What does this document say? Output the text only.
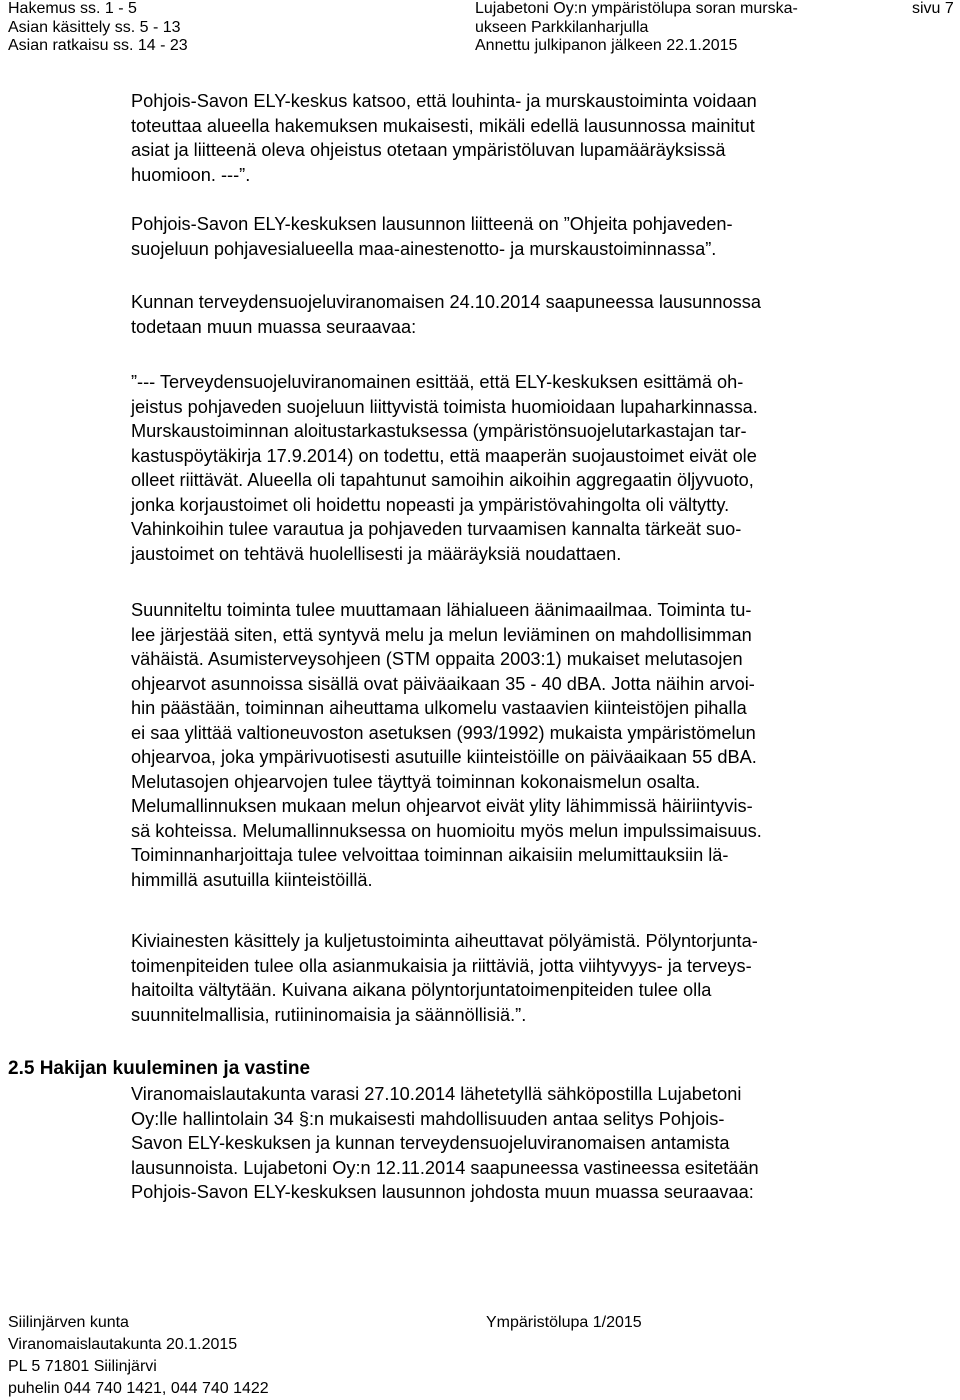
Hakemus ss. 1 - 5
Asian käsittely ss. 5 - 13
Asian ratkaisu ss. 14 - 23
Lujabetoni Oy:n ympäristölupa soran murska-
ukseen Parkkilanharjulla
Annettu julkipanon jälkeen 22.1.2015
sivu 7

Pohjois-Savon ELY-keskus katsoo, että louhinta- ja murskaustoiminta voidaan

toteuttaa alueella hakemuksen mukaisesti, mikäli edellä lausunnossa mainitut

asiat ja liitteenä oleva ohjeistus otetaan ympäristöluvan lupamääräyksissä

huomioon. ---”.

Pohjois-Savon ELY-keskuksen lausunnon liitteenä on ”Ohjeita pohjaveden-

suojeluun pohjavesialueella maa-ainestenotto- ja murskaustoiminnassa”.

Kunnan terveydensuojeluviranomaisen 24.10.2014 saapuneessa lausunnossa

todetaan muun muassa seuraavaa:

”--- Terveydensuojeluviranomainen esittää, että ELY-keskuksen esittämä oh-

jeistus pohjaveden suojeluun liittyvistä toimista huomioidaan lupaharkinnassa.

Murskaustoiminnan aloitustarkastuksessa (ympäristönsuojelutarkastajan tar-

kastuspöytäkirja 17.9.2014) on todettu, että maaperän suojaustoimet eivät ole

olleet riittävät. Alueella oli tapahtunut samoihin aikoihin aggregaatin öljyvuoto,

jonka korjaustoimet oli hoidettu nopeasti ja ympäristövahingolta oli vältytty.

Vahinkoihin tulee varautua ja pohjaveden turvaamisen kannalta tärkeät suo-

jaustoimet on tehtävä huolellisesti ja määräyksiä noudattaen.

Suunniteltu toiminta tulee muuttamaan lähialueen äänimaailmaa. Toiminta tu-

lee järjestää siten, että syntyvä melu ja melun leviäminen on mahdollisimman

vähäistä. Asumisterveysohjeen (STM oppaita 2003:1) mukaiset melutasojen

ohjearvot asunnoissa sisällä ovat päiväaikaan 35 - 40 dBA. Jotta näihin arvoi-

hin päästään, toiminnan aiheuttama ulkomelu vastaavien kiinteistöjen pihalla

ei saa ylittää valtioneuvoston asetuksen (993/1992) mukaista ympäristömelun

ohjearvoa, joka ympärivuotisesti asutuille kiinteistöille on päiväaikaan 55 dBA.

Melutasojen ohjearvojen tulee täyttyä toiminnan kokonaismelun osalta.

Melumallinnuksen mukaan melun ohjearvot eivät ylity lähimmissä häiriintyvis-

sä kohteissa. Melumallinnuksessa on huomioitu myös melun impulssimaisuus.

Toiminnanharjoittaja tulee velvoittaa toiminnan aikaisiin melumittauksiin lä-

himmillä asutuilla kiinteistöillä.

Kiviainesten käsittely ja kuljetustoiminta aiheuttavat pölyämistä. Pölyntorjunta-

toimenpiteiden tulee olla asianmukaisia ja riittäviä, jotta viihtyvyys- ja terveys-

haitoilta vältytään. Kuivana aikana pölyntorjuntatoimenpiteiden tulee olla

suunnitelmallisia, rutiininomaisia ja säännöllisiä.”.

2.5 Hakijan kuuleminen ja vastine

Viranomaislautakunta varasi 27.10.2014 lähetetyllä sähköpostilla Lujabetoni

Oy:lle hallintolain 34 §:n mukaisesti mahdollisuuden antaa selitys Pohjois-

Savon ELY-keskuksen ja kunnan terveydensuojeluviranomaisen antamista

lausunnoista. Lujabetoni Oy:n 12.11.2014 saapuneessa vastineessa esitetään

Pohjois-Savon ELY-keskuksen lausunnon johdosta muun muassa seuraavaa:

Siilinjärven kunta
Viranomaislautakunta 20.1.2015
PL 5 71801 Siilinjärvi
puhelin 044 740 1421, 044 740 1422
Ympäristölupa 1/2015
